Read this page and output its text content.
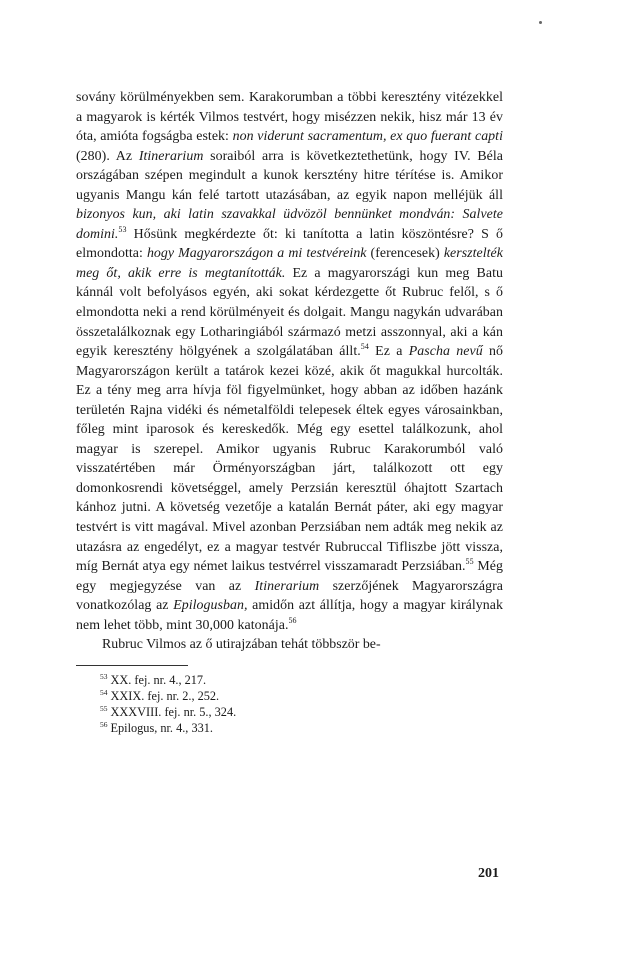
sovány körülményekben sem. Karakorumban a többi keresztény vitézekkel a magyarok is kérték Vilmos testvért, hogy misézzen nekik, hisz már 13 év óta, amióta fogságba estek: non viderunt sacramentum, ex quo fuerant capti (280). Az Itinerarium soraiból arra is következtethetünk, hogy IV. Béla országában szépen megindult a kunok kersztény hitre térítése is. Amikor ugyanis Mangu kán felé tartott utazásában, az egyik napon melléjük áll bizonyos kun, aki latin szavakkal üdvözöl bennünket mondván: Salvete domini.$^{53}$ Hősünk megkérdezte őt: ki tanította a latin köszöntésre? S ő elmondotta: hogy Magyarországon a mi testvéreink (ferencesek) kersztelték meg őt, akik erre is megtanították. Ez a magyarországi kun meg Batu kánnál volt befolyásos egyén, aki sokat kérdezgette őt Rubruc felől, s ő elmondotta neki a rend körülményeit és dolgait. Mangu nagykán udvarában összetalálkoznak egy Lotharingiából származó metzi asszonnyal, aki a kán egyik keresztény hölgyének a szolgálatában állt.$^{54}$ Ez a Pascha nevű nő Magyarországon került a tatárok kezei közé, akik őt magukkal hurcolták. Ez a tény meg arra hívja föl figyelmünket, hogy abban az időben hazánk területén Rajna vidéki és németalföldi telepesek éltek egyes városainkban, főleg mint iparosok és kereskedők. Még egy esettel találkozunk, ahol magyar is szerepel. Amikor ugyanis Rubruc Karakorumból való visszatértében már Örményországban járt, találkozott ott egy domonkosrendi követséggel, amely Perzsián keresztül óhajtott Szartach kánhoz jutni. A követség vezetője a katalán Bernát páter, aki egy magyar testvért is vitt magával. Mivel azonban Perzsiában nem adták meg nekik az utazásra az engedélyt, ez a magyar testvér Rubruccal Tifliszbe jött vissza, míg Bernát atya egy német laikus testvérrel visszamaradt Perzsiában.$^{55}$ Még egy megjegyzése van az Itinerarium szerzőjének Magyarországra vonatkozólag az Epilogusban, amidőn azt állítja, hogy a magyar királynak nem lehet több, mint 30,000 katonája.$^{56}$

Rubruc Vilmos az ő utirajzában tehát többször be-

$^{53}$ XX. fej. nr. 4., 217.
$^{54}$ XXIX. fej. nr. 2., 252.
$^{55}$ XXXVIII. fej. nr. 5., 324.
$^{56}$ Epilogus, nr. 4., 331.
201
